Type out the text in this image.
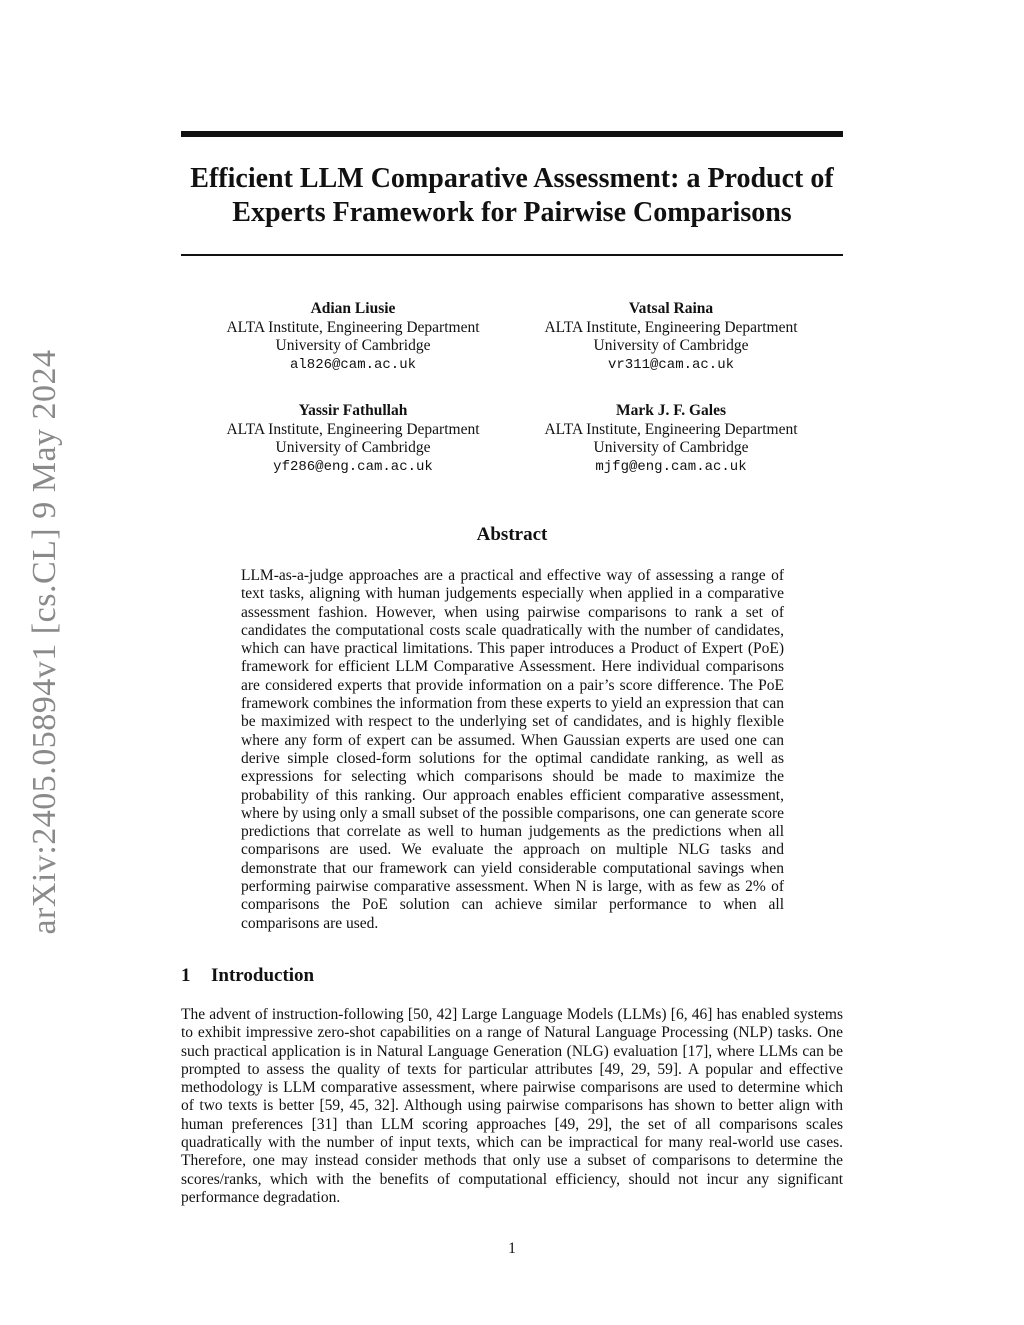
arXiv:2405.05894v1 [cs.CL] 9 May 2024
Efficient LLM Comparative Assessment: a Product of Experts Framework for Pairwise Comparisons
Adian Liusie
ALTA Institute, Engineering Department
University of Cambridge
al826@cam.ac.uk
Vatsal Raina
ALTA Institute, Engineering Department
University of Cambridge
vr311@cam.ac.uk
Yassir Fathullah
ALTA Institute, Engineering Department
University of Cambridge
yf286@eng.cam.ac.uk
Mark J. F. Gales
ALTA Institute, Engineering Department
University of Cambridge
mjfg@eng.cam.ac.uk
Abstract
LLM-as-a-judge approaches are a practical and effective way of assessing a range of text tasks, aligning with human judgements especially when applied in a comparative assessment fashion. However, when using pairwise comparisons to rank a set of candidates the computational costs scale quadratically with the number of candidates, which can have practical limitations. This paper introduces a Product of Expert (PoE) framework for efficient LLM Comparative Assessment. Here individual comparisons are considered experts that provide information on a pair’s score difference. The PoE framework combines the information from these experts to yield an expression that can be maximized with respect to the underlying set of candidates, and is highly flexible where any form of expert can be assumed. When Gaussian experts are used one can derive simple closed-form solutions for the optimal candidate ranking, as well as expressions for selecting which comparisons should be made to maximize the probability of this ranking. Our approach enables efficient comparative assessment, where by using only a small subset of the possible comparisons, one can generate score predictions that correlate as well to human judgements as the predictions when all comparisons are used. We evaluate the approach on multiple NLG tasks and demonstrate that our framework can yield considerable computational savings when performing pairwise comparative assessment. When N is large, with as few as 2% of comparisons the PoE solution can achieve similar performance to when all comparisons are used.
1 Introduction
The advent of instruction-following [50, 42] Large Language Models (LLMs) [6, 46] has enabled systems to exhibit impressive zero-shot capabilities on a range of Natural Language Processing (NLP) tasks. One such practical application is in Natural Language Generation (NLG) evaluation [17], where LLMs can be prompted to assess the quality of texts for particular attributes [49, 29, 59]. A popular and effective methodology is LLM comparative assessment, where pairwise comparisons are used to determine which of two texts is better [59, 45, 32]. Although using pairwise comparisons has shown to better align with human preferences [31] than LLM scoring approaches [49, 29], the set of all comparisons scales quadratically with the number of input texts, which can be impractical for many real-world use cases. Therefore, one may instead consider methods that only use a subset of comparisons to determine the scores/ranks, which with the benefits of computational efficiency, should not incur any significant performance degradation.
1
